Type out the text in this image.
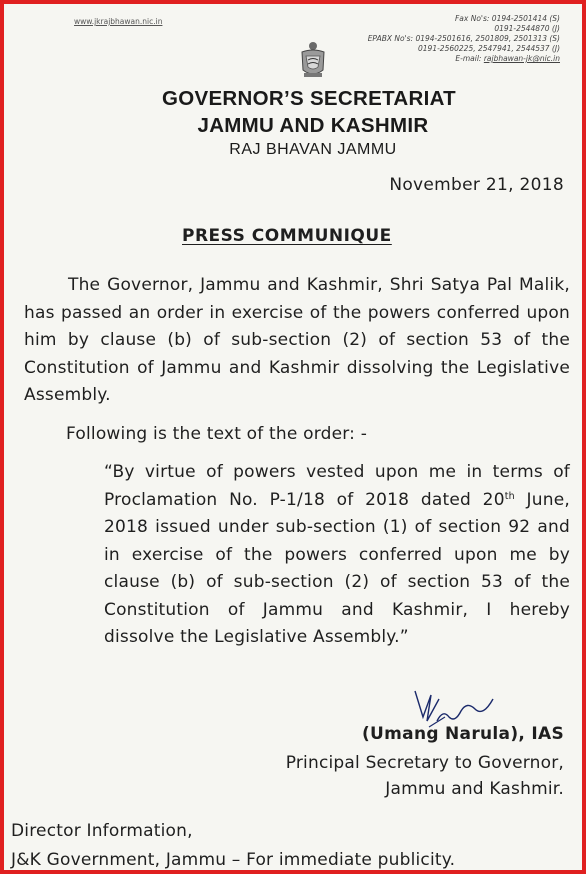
www.jkrajbhawan.nic.in	Fax No's: 0194-2501414 (S)
0191-2544870 (J)
EPABX No's: 0194-2501616, 2501809, 2501313 (S)
0191-2560225, 2547941, 2544537 (J)
E-mail: rajbhawan-jk@nic.in
GOVERNOR’S SECRETARIAT
JAMMU AND KASHMIR
RAJ BHAVAN JAMMU
November 21, 2018
PRESS COMMUNIQUE
The Governor, Jammu and Kashmir, Shri Satya Pal Malik, has passed an order in exercise of the powers conferred upon him by clause (b) of sub-section (2) of section 53 of the Constitution of Jammu and Kashmir dissolving the Legislative Assembly.
Following is the text of the order: -
“By virtue of powers vested upon me in terms of Proclamation No. P-1/18 of 2018 dated 20th June, 2018 issued under sub-section (1) of section 92 and in exercise of the powers conferred upon me by clause (b) of sub-section (2) of section 53 of the Constitution of Jammu and Kashmir, I hereby dissolve the Legislative Assembly.”
(Umang Narula), IAS
Principal Secretary to Governor,
Jammu and Kashmir.
Director Information,
J&K Government, Jammu – For immediate publicity.
